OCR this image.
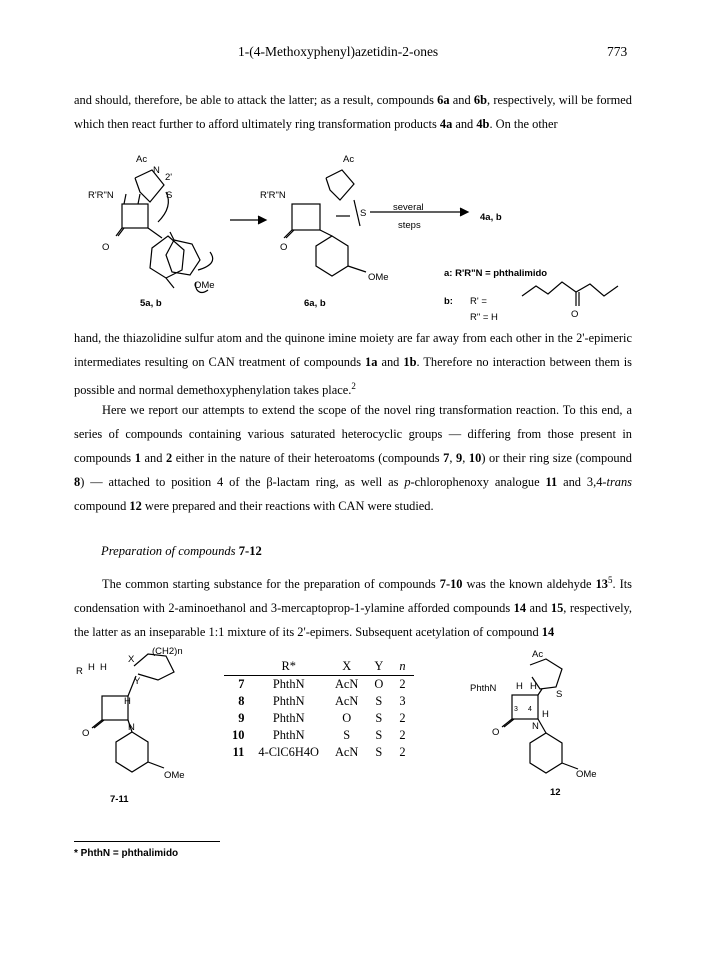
1-(4-Methoxyphenyl)azetidin-2-ones	773
and should, therefore, be able to attack the latter; as a result, compounds 6a and 6b, respectively, will be formed which then react further to afford ultimately ring transformation products 4a and 4b. On the other
Ac
N
2'
R'R"N	S
O
OMe
Ac
R'R"N
S
O
OMe
several
steps
4a, b
a: R'R"N = phthalimido
b: R' =
R" = H	O
5a, b	6a, b
hand, the thiazolidine sulfur atom and the quinone imine moiety are far away from each other in the 2'-epimeric intermediates resulting on CAN treatment of compounds 1a and 1b. Therefore no interaction between them is possible and normal demethoxyphenylation takes place.$^2$
Here we report our attempts to extend the scope of the novel ring transformation reaction. To this end, a series of compounds containing various saturated heterocyclic groups — differing from those present in compounds 1 and 2 either in the nature of their heteroatoms (compounds 7, 9, 10) or their ring size (compound 8) — attached to position 4 of the β-lactam ring, as well as p-chlorophenoxy analogue 11 and 3,4-trans compound 12 were prepared and their reactions with CAN were studied.
Preparation of compounds 7-12
The common starting substance for the preparation of compounds 7-10 was the known aldehyde $13^5$. Its condensation with 2-aminoethanol and 3-mercaptoprop-1-ylamine afforded compounds 14 and 15, respectively, the latter as an inseparable 1:1 mixture of its 2'-epimers. Subsequent acetylation of compound 14
X
(CH2)n
Y
R H H
H
N
O
OMe
7-11
	R*	X	Y	n
7	PhthN	AcN	O	2
8	PhthN	AcN	S	3
9	PhthN	O	S	2
10	PhthN	S	S	2
11	4-ClC6H4O	AcN	S	2
Ac
PhthN H H
S
3 4 H
N
O
OMe
12
* PhthN = phthalimido
